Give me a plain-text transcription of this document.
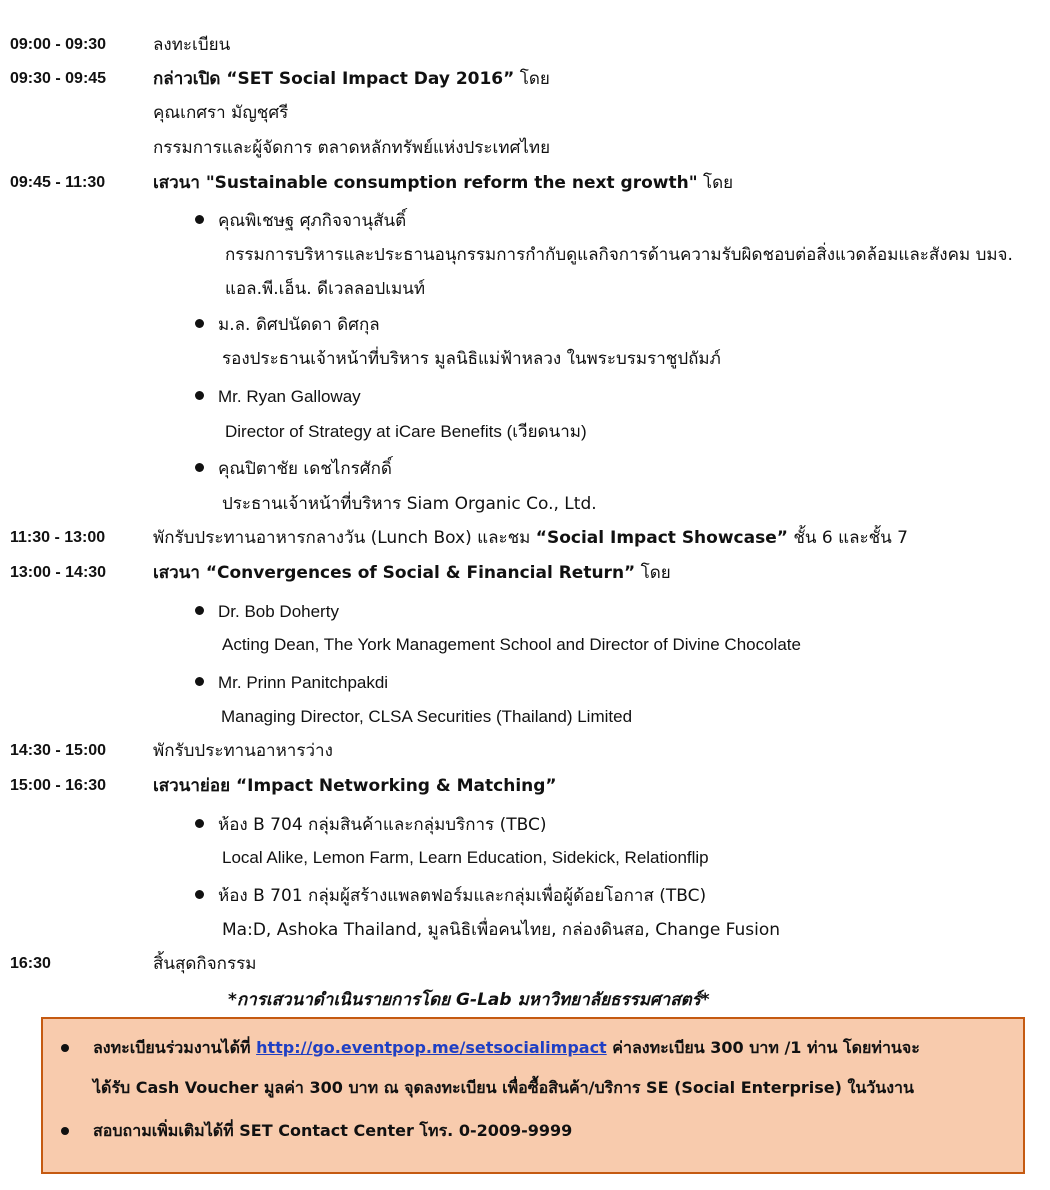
09:00 - 09:30	ลงทะเบียน
09:30 - 09:45	กล่าวเปิด “SET Social Impact Day 2016” โดย
คุณเกศรา มัญชุศรี
กรรมการและผู้จัดการ ตลาดหลักทรัพย์แห่งประเทศไทย
09:45 - 11:30	เสวนา "Sustainable consumption reform the next growth" โดย
คุณพิเชษฐ ศุภกิจจานุสันติ์
กรรมการบริหารและประธานอนุกรรมการกำกับดูแลกิจการด้านความรับผิดชอบต่อสิ่งแวดล้อมและสังคม บมจ.
แอล.พี.เอ็น. ดีเวลลอปเมนท์
ม.ล. ดิศปนัดดา ดิศกุล
รองประธานเจ้าหน้าที่บริหาร มูลนิธิแม่ฟ้าหลวง ในพระบรมราชูปถัมภ์
Mr. Ryan Galloway
Director of Strategy at iCare Benefits (เวียดนาม)
คุณปิตาชัย เดชไกรศักดิ์
ประธานเจ้าหน้าที่บริหาร Siam Organic Co., Ltd.
11:30 - 13:00	พักรับประทานอาหารกลางวัน (Lunch Box) และชม “Social Impact Showcase” ชั้น 6 และชั้น 7
13:00 - 14:30	เสวนา “Convergences of Social & Financial Return” โดย
Dr. Bob Doherty
Acting Dean, The York Management School and Director of Divine Chocolate
Mr. Prinn Panitchpakdi
Managing Director, CLSA Securities (Thailand) Limited
14:30 - 15:00	พักรับประทานอาหารว่าง
15:00 - 16:30	เสวนาย่อย “Impact Networking & Matching”
ห้อง B 704 กลุ่มสินค้าและกลุ่มบริการ (TBC)
Local Alike, Lemon Farm, Learn Education, Sidekick, Relationflip
ห้อง B 701 กลุ่มผู้สร้างแพลตฟอร์มและกลุ่มเพื่อผู้ด้อยโอกาส (TBC)
Ma:D, Ashoka Thailand, มูลนิธิเพื่อคนไทย, กล่องดินสอ, Change Fusion
16:30	สิ้นสุดกิจกรรม
*การเสวนาดำเนินรายการโดย G-Lab มหาวิทยาลัยธรรมศาสตร์*
ลงทะเบียนร่วมงานได้ที่ http://go.eventpop.me/setsocialimpact ค่าลงทะเบียน 300 บาท /1 ท่าน โดยท่านจะ
ได้รับ Cash Voucher มูลค่า 300 บาท ณ จุดลงทะเบียน เพื่อซื้อสินค้า/บริการ SE (Social Enterprise) ในวันงาน
สอบถามเพิ่มเติมได้ที่ SET Contact Center โทร. 0-2009-9999
